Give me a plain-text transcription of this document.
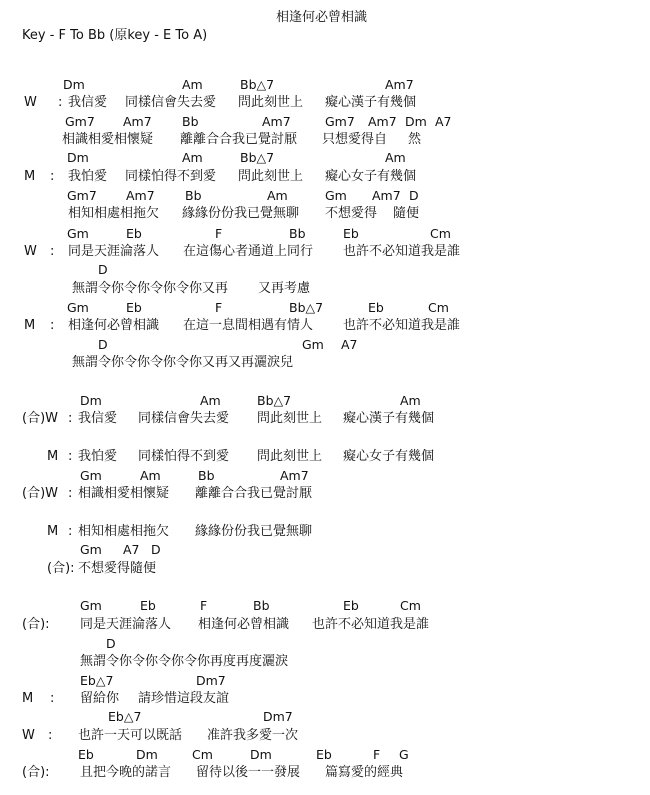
相逢何必曾相識
Key - F To Bb (原key - E To A)
Dm	Am	Bb△7	Am7
W : 我信愛 同樣信會失去愛 問此刻世上 癡心漢子有幾個
Gm7 Am7 Bb	Am7	Gm7 Am7 Dm A7
相識相愛相懷疑 離離合合我已覺討厭 只想愛得自 然
Dm	Am	Bb△7	Am
M : 我怕愛 同樣怕得不到愛 問此刻世上 癡心女子有幾個
Gm7 Am7 Bb	Am	Gm Am7 D
相知相處相拖欠 緣緣份份我已覺無聊 不想愛得 隨便
Gm	Eb	F	Bb	Eb	Cm
W : 同是天涯淪落人 在這傷心者通道上同行 也許不必知道我是誰
D
無謂令你令你令你令你又再 又再考慮
Gm	Eb	F	Bb△7	Eb	Cm
M : 相逢何必曾相識 在這一息間相遇有情人 也許不必知道我是誰
D	Gm A7
無謂令你令你令你令你又再又再灑淚兒
Dm	Am	Bb△7	Am
(合)W : 我信愛 同樣信會失去愛 問此刻世上 癡心漢子有幾個
M : 我怕愛 同樣怕得不到愛 問此刻世上 癡心女子有幾個
Gm	Am	Bb	Am7
(合)W : 相識相愛相懷疑 離離合合我已覺討厭
M : 相知相處相拖欠 緣緣份份我已覺無聊
Gm A7 D
(合): 不想愛得隨便
Gm	Eb	F	Bb	Eb	Cm
(合): 同是天涯淪落人 相逢何必曾相識 也許不必知道我是誰
D
無謂令你令你令你令你再度再度灑淚
Eb△7	Dm7
M : 留給你 請珍惜這段友誼
Eb△7	Dm7
W : 也許一天可以既話 准許我多愛一次
Eb	Dm	Cm	Dm	Eb	F G
(合): 且把今晚的諾言 留待以後一一發展 篇寫愛的經典
